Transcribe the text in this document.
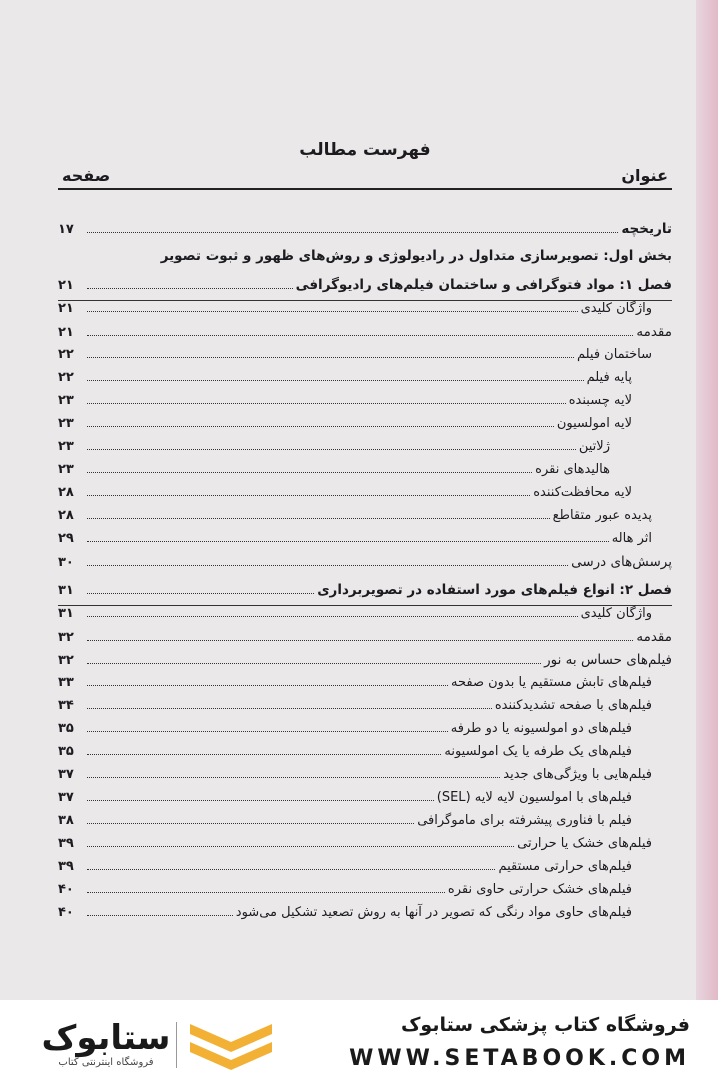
فهرست مطالب
عنوان
صفحه
تاریخچه
۱۷
بخش اول: تصویرسازی متداول در رادیولوژی و روش‌های ظهور و ثبوت تصویر
فصل ۱: مواد فتوگرافی و ساختمان فیلم‌های رادیوگرافی
۲۱
واژگان کلیدی
۲۱
مقدمه
۲۱
ساختمان فیلم
۲۲
پایه فیلم
۲۲
لایه چسبنده
۲۳
لایه امولسیون
۲۳
ژلاتین
۲۳
هالیدهای نقره
۲۳
لایه محافظت‌کننده
۲۸
پدیده عبور متقاطع
۲۸
اثر هاله
۲۹
پرسش‌های درسی
۳۰
فصل ۲: انواع فیلم‌های مورد استفاده در تصویربرداری
۳۱
واژگان کلیدی
۳۱
مقدمه
۳۲
فیلم‌های حساس به نور
۳۲
فیلم‌های تابش مستقیم یا بدون صفحه
۳۳
فیلم‌های با صفحه تشدیدکننده
۳۴
فیلم‌های دو امولسیونه یا دو طرفه
۳۵
فیلم‌های یک طرفه یا یک امولسیونه
۳۵
فیلم‌هایی با ویژگی‌های جدید
۳۷
فیلم‌های با امولسیون لایه لایه (SEL)
۳۷
فیلم با فناوری پیشرفته برای ماموگرافی
۳۸
فیلم‌های خشک یا حرارتی
۳۹
فیلم‌های حرارتی مستقیم
۳۹
فیلم‌های خشک حرارتی حاوی نقره
۴۰
فیلم‌های حاوی مواد رنگی که تصویر در آنها به روش تصعید تشکیل می‌شود
۴۰
ستابوک
فروشگاه اینترنتی کتاب
فروشگاه کتاب پزشکی ستابوک
WWW.SETABOOK.COM
